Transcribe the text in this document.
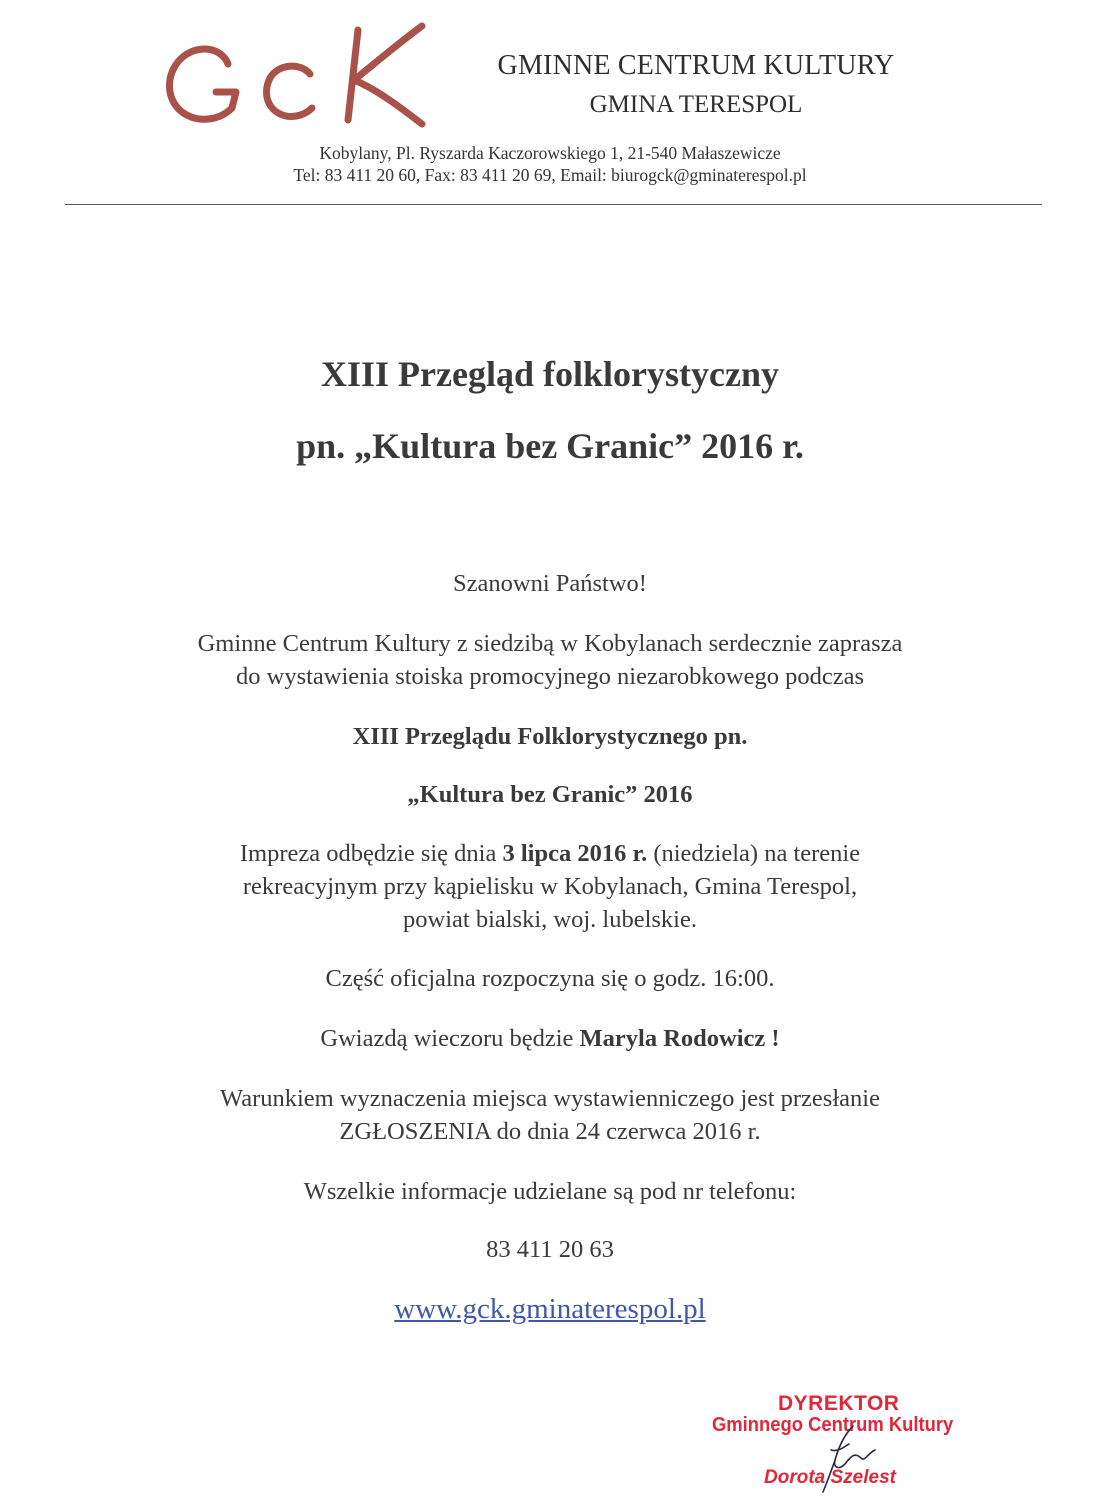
GMINNE CENTRUM KULTURY
GMINA TERESPOL
Kobylany, Pl. Ryszarda Kaczorowskiego 1, 21-540 Małaszewicze
Tel: 83 411 20 60, Fax: 83 411 20 69, Email: biurogck@gminaterespol.pl
XIII Przegląd folklorystyczny
pn. „Kultura bez Granic” 2016 r.
Szanowni Państwo!
Gminne Centrum Kultury z siedzibą w Kobylanach serdecznie zaprasza
do wystawienia stoiska promocyjnego niezarobkowego podczas
XIII Przeglądu Folklorystycznego pn.
„Kultura bez Granic” 2016
Impreza odbędzie się dnia 3 lipca 2016 r. (niedziela) na terenie
rekreacyjnym przy kąpielisku w Kobylanach, Gmina Terespol,
powiat bialski, woj. lubelskie.
Część oficjalna rozpoczyna się o godz. 16:00.
Gwiazdą wieczoru będzie Maryla Rodowicz !
Warunkiem wyznaczenia miejsca wystawienniczego jest przesłanie
ZGŁOSZENIA do dnia 24 czerwca 2016 r.
Wszelkie informacje udzielane są pod nr telefonu:
83 411 20 63
www.gck.gminaterespol.pl
DYREKTOR
Gminnego Centrum Kultury
Dorota Szelest
